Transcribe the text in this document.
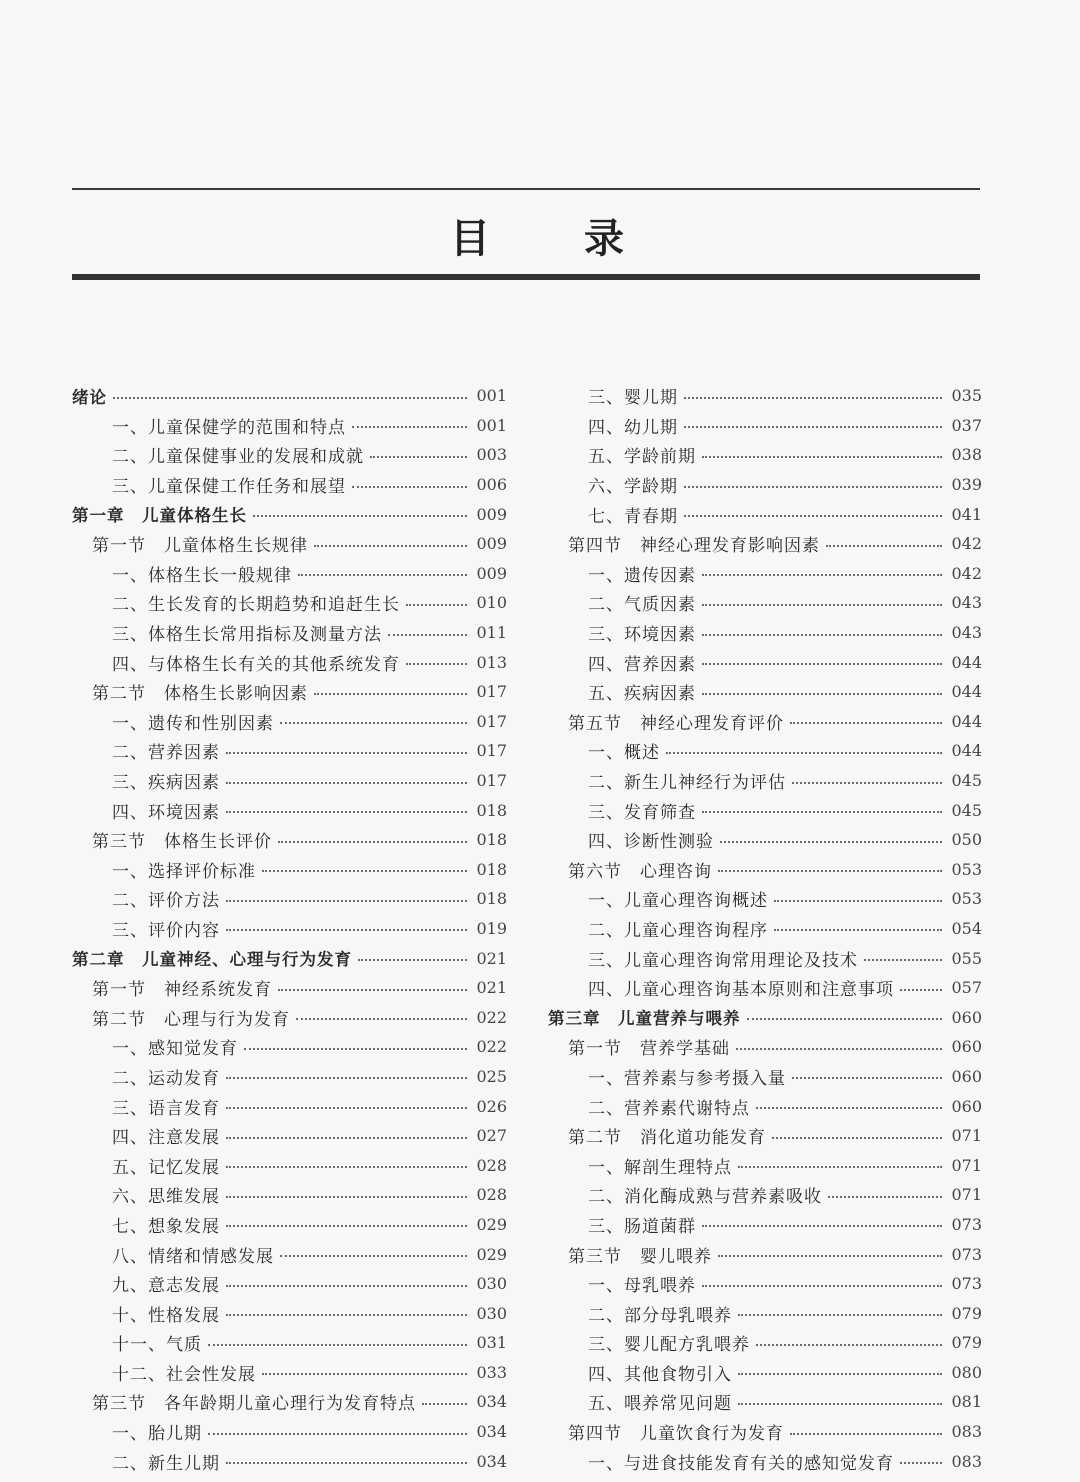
目 录
绪论	001
一、儿童保健学的范围和特点	001
二、儿童保健事业的发展和成就	003
三、儿童保健工作任务和展望	006
第一章　儿童体格生长	009
第一节　儿童体格生长规律	009
一、体格生长一般规律	009
二、生长发育的长期趋势和追赶生长	010
三、体格生长常用指标及测量方法	011
四、与体格生长有关的其他系统发育	013
第二节　体格生长影响因素	017
一、遗传和性别因素	017
二、营养因素	017
三、疾病因素	017
四、环境因素	018
第三节　体格生长评价	018
一、选择评价标准	018
二、评价方法	018
三、评价内容	019
第二章　儿童神经、心理与行为发育	021
第一节　神经系统发育	021
第二节　心理与行为发育	022
一、感知觉发育	022
二、运动发育	025
三、语言发育	026
四、注意发展	027
五、记忆发展	028
六、思维发展	028
七、想象发展	029
八、情绪和情感发展	029
九、意志发展	030
十、性格发展	030
十一、气质	031
十二、社会性发展	033
第三节　各年龄期儿童心理行为发育特点	034
一、胎儿期	034
二、新生儿期	034
三、婴儿期	035
四、幼儿期	037
五、学龄前期	038
六、学龄期	039
七、青春期	041
第四节　神经心理发育影响因素	042
一、遗传因素	042
二、气质因素	043
三、环境因素	043
四、营养因素	044
五、疾病因素	044
第五节　神经心理发育评价	044
一、概述	044
二、新生儿神经行为评估	045
三、发育筛查	045
四、诊断性测验	050
第六节　心理咨询	053
一、儿童心理咨询概述	053
二、儿童心理咨询程序	054
三、儿童心理咨询常用理论及技术	055
四、儿童心理咨询基本原则和注意事项	057
第三章　儿童营养与喂养	060
第一节　营养学基础	060
一、营养素与参考摄入量	060
二、营养素代谢特点	060
第二节　消化道功能发育	071
一、解剖生理特点	071
二、消化酶成熟与营养素吸收	071
三、肠道菌群	073
第三节　婴儿喂养	073
一、母乳喂养	073
二、部分母乳喂养	079
三、婴儿配方乳喂养	079
四、其他食物引入	080
五、喂养常见问题	081
第四节　儿童饮食行为发育	083
一、与进食技能发育有关的感知觉发育	083
